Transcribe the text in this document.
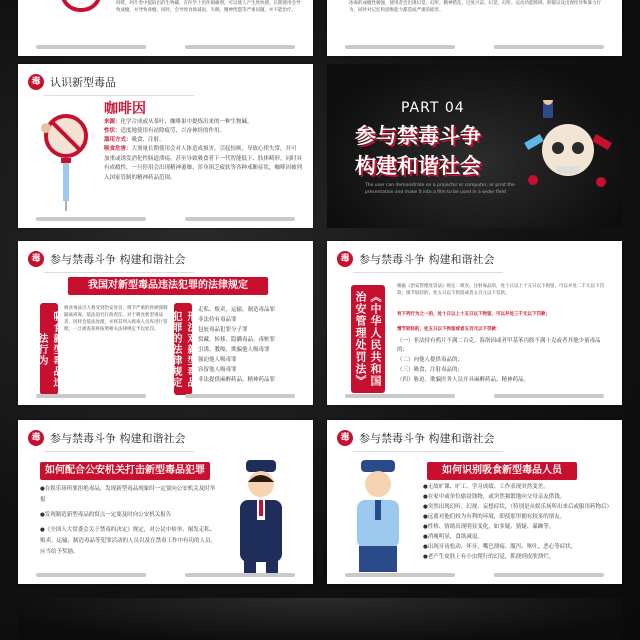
吗啡，阿片类中提取出的生物碱，在医学上用作镇痛剂，可以使人产生欣快感，长期使用会导致成瘾，并导致毒瘾，同时，会导致食欲减退、失眠、精神恍惚等严重问题，并不能治疗。
冰毒的成瘾性极强，使用者会出现幻觉、幻听、精神错乱，过度兴奋、幻觉、幻听、运动功能障碍、抑郁以及出现怪异和暴力行为，同时对记忆和思维能力都造成严重的损害。
毒 认识新型毒品
咖啡因
来源：化学合成或从茶叶、咖啡果中提炼出来的一种生物碱。
性状：适度地使用有祛除疲劳、兴奋神经的作用。
滥用方式：吸食、注射。
吸食危害：大剂量长期使用会对人体造成损害，引起惊厥、导致心律失常，并可加重或诱发消化性肠道溃疡，甚至导致吸食者下一代智能低下、肢体畸形，同时具有成瘾性，一旦停用会出现精神萎靡、浑身困乏疲软等各种戒断症状，咖啡因被列入国家管制的精神药品范围。
PART 04
参与禁毒斗争
构建和谐社会
The user can demonstrate on a projector or computer, or print the presentation and make it into a film to be used in a wider field
毒 参与禁毒斗争 构建和谐社会
我国对新型毒品违法犯罪的法律规定
吸食新型毒品违法行为
吸食毒品引人将受到治安处罚，情节严重的将被强制隔离戒毒，依法追究行政责任。对于吸食新型毒品者，同样会依法处理，并将其列入吸毒人员库进行管理，一旦被查获将按照相关法律规定予以处罚。	刑法对新型毒品犯罪的法律规定
走私、贩卖、运输、制造毒品罪
非法持有毒品罪
包庇毒品犯罪分子罪
窝藏、转移、隐瞒毒品、毒赃罪
引诱、教唆、欺骗他人吸毒罪
强迫他人吸毒罪
容留他人吸毒罪
非法提供麻醉药品、精神药品罪
毒 参与禁毒斗争 构建和谐社会
《中华人民共和国治安管理处罚法》
根据《治安管理处罚法》规定：吸食、注射毒品的，处十日以上十五日以下拘留，可以并处二千元以下罚款；情节较轻的，处五日以下拘留或者五百元以下罚款。
有下列行为之一的，处十日以上十五日以下拘留，可以并处三千元以下罚款；
情节较轻的，处五日以下拘留或者五百元以下罚款：
（一）非法持有鸦片不满二百克、海洛因或者甲基苯丙胺不满十克或者其他少量毒品的；
（二）向他人提供毒品的；
（三）吸食、注射毒品的；
（四）胁迫、欺骗医务人员开具麻醉药品、精神药品。
毒 参与禁毒斗争 构建和谐社会
如何配合公安机关打击新型毒品犯罪
●在娱乐场所要拒绝毒品，发现新型毒品现象时一定要向公安机关及时举报
●发现制造新型毒品的窝点一定要及时向公安机关报告
●《全国人大常委会关于禁毒的决定》规定，对公民中检举、揭发走私、贩卖、运输、制造毒品等犯罪活动的人员以及在禁毒工作中有功的人员，应当给予奖励。
毒 参与禁毒斗争 构建和谐社会
如何识别吸食新型毒品人员
●无故旷课、旷工、学习成绩、工作表现突然变差。
●在家中或单位偷窃钱物，或突然频繁地向父母亲友借钱。
●突然出现幻听、幻视、妄想症状，（特别是从娱乐场所出来后或服用药物后）
●远离对他们较为有利的环境，即使那里拥有较多的朋友。
●性格、情绪出现明显变化，如多疑、猜疑、暴躁等。
●消瘦明显，食欲减退。
●出现牙齿松动、坏牙、嘴巴溃疡、腹泻、呕吐、恶心等症状。
●老产生皮肤上有小虫爬行的幻觉，抓挠到皮肤溃烂。
